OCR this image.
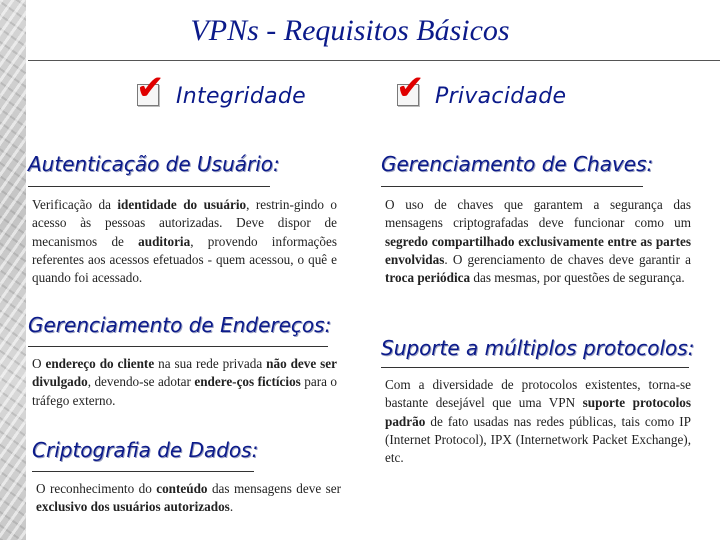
VPNs - Requisitos Básicos
✔ Integridade	✔ Privacidade
Autenticação de Usuário:

Verificação da identidade do usuário, restrin-gindo o acesso às pessoas autorizadas. Deve dispor de mecanismos de auditoria, provendo informações referentes aos acessos efetuados - quem acessou, o quê e quando foi acessado.

Gerenciamento de Endereços:

O endereço do cliente na sua rede privada não deve ser divulgado, devendo-se adotar endere-ços fictícios para o tráfego externo.

Criptografia de Dados:

O reconhecimento do conteúdo das mensagens deve ser exclusivo dos usuários autorizados.

Gerenciamento de Chaves:

O uso de chaves que garantem a segurança das mensagens criptografadas deve funcionar como um segredo compartilhado exclusivamente entre as partes envolvidas. O gerenciamento de chaves deve garantir a troca periódica das mesmas, por questões de segurança.

Suporte a múltiplos protocolos:

Com a diversidade de protocolos existentes, torna-se bastante desejável que uma VPN suporte protocolos padrão de fato usadas nas redes públicas, tais como IP (Internet Protocol), IPX (Internetwork Packet Exchange), etc.
